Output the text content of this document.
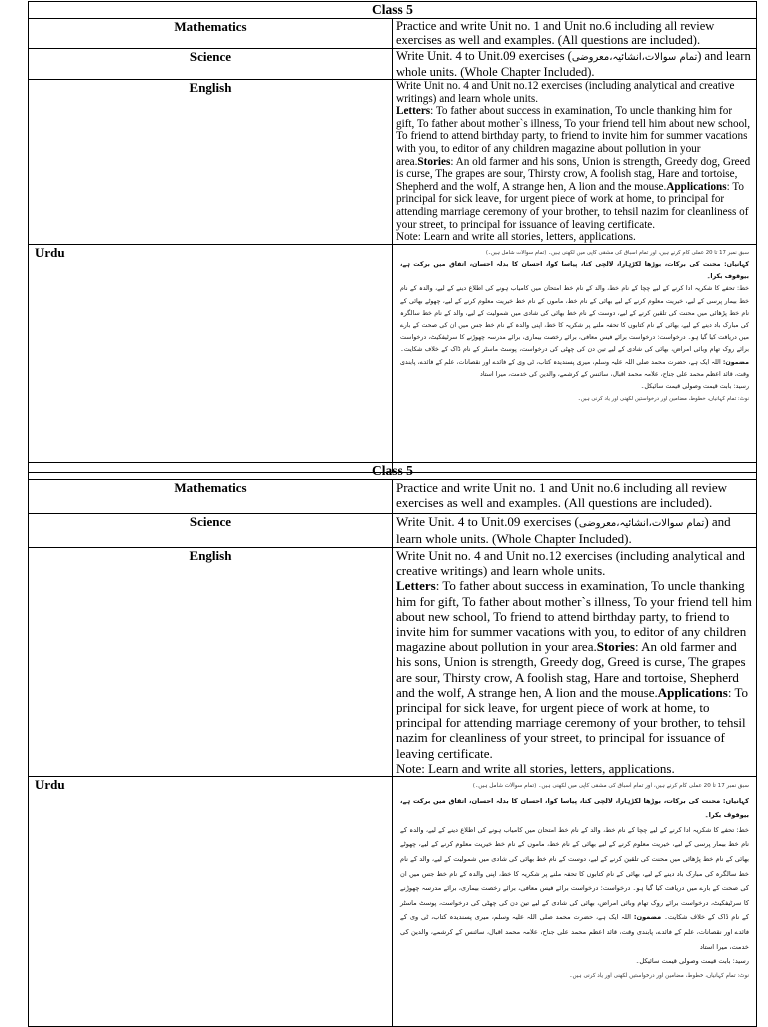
Class 5	
Mathematics	Practice and write Unit no. 1 and Unit no.6 including all review exercises as well and examples. (All questions are included).
Science	Write Unit. 4 to Unit.09 exercises (تمام سوالات،انشائیہ،معروضی) and learn whole units. (Whole Chapter Included).
English	Write Unit no. 4 and Unit no.12 exercises (including analytical and creative writings) and learn whole units.
Letters: To father about success in examination, To uncle thanking him for gift, To father about mother`s illness, To your friend tell him about new school, To friend to attend birthday party, to friend to invite him for summer vacations with you, to editor of any children magazine about pollution in your area.Stories: An old farmer and his sons, Union is strength, Greedy dog, Greed is curse, The grapes are sour, Thirsty crow, A foolish stag, Hare and tortoise, Shepherd and the wolf, A strange hen, A lion and the mouse.Applications: To principal for sick leave, for urgent piece of work at home, to principal for attending marriage ceremony of your brother, to tehsil nazim for cleanliness of your street, to principal for issuance of leaving certificate.
Note: Learn and write all stories, letters, applications.
Urdu	سبق نمبر 17 تا 20 عملی کام کرنے ہیں، اور تمام اسباق کی مشقی کاپی میں لکھنی ہیں۔ (تمام سوالات شامل ہیں۔)

کہانیاں: محنت کی برکات، بوڑھا لکڑہارا، لالچی کتا، پیاسا کوا، احسان کا بدلہ احسان، اتفاق میں برکت ہے، بیوقوف بکرا۔

خط: تحفے کا شکریہ ادا کرنے کے لیے چچا کے نام خط، والد کے نام خط امتحان میں کامیاب ہونے کی اطلاع دینے کے لیے، والدہ کے نام خط بیمار پرسی کے لیے، خیریت معلوم کرنے کے لیے بھائی کے نام خط، ماموں کے نام خط خیریت معلوم کرنے کے لیے، چھوٹے بھائی کے نام خط پڑھائی میں محنت کی تلقین کرنے کے لیے، دوست کے نام خط بھائی کی شادی میں شمولیت کے لیے، والد کے نام خط سالگرہ کی مبارک باد دینے کے لیے، بھائی کے نام کتابوں کا تحفہ ملنے پر شکریہ کا خط، اپنی والدہ کے نام خط جس میں ان کی صحت کے بارے میں دریافت کیا گیا ہو۔ درخواست: درخواست برائے فیس معافی، برائے رخصت بیماری، برائے مدرسہ چھوڑنے کا سرٹیفکیٹ، درخواست برائے روک تھام وبائی امراض، بھائی کی شادی کے لیے تین دن کی چھٹی کی درخواست، پوسٹ ماسٹر کے نام ڈاک کے خلاف شکایت۔ مضمون: اللہ ایک ہے، حضرت محمد صلی اللہ علیہ وسلم، میری پسندیدہ کتاب، ٹی وی کے فائدے اور نقصانات، علم کے فائدے، پابندی وقت، قائد اعظم محمد علی جناح، علامہ محمد اقبال، سائنس کے کرشمے، والدین کی خدمت، میرا استاد

رسید: بابت قیمت وصولی قیمت سائیکل۔

نوٹ: تمام کہانیاں، خطوط، مضامین اور درخواستیں لکھنی اور یاد کرنی ہیں۔

Class 5	
Mathematics	Practice and write Unit no. 1 and Unit no.6 including all review exercises as well and examples. (All questions are included).
Science	Write Unit. 4 to Unit.09 exercises (تمام سوالات،انشائیہ،معروضی) and learn whole units. (Whole Chapter Included).
English	Write Unit no. 4 and Unit no.12 exercises (including analytical and creative writings) and learn whole units.
Letters: To father about success in examination, To uncle thanking him for gift, To father about mother`s illness, To your friend tell him about new school, To friend to attend birthday party, to friend to invite him for summer vacations with you, to editor of any children magazine about pollution in your area.Stories: An old farmer and his sons, Union is strength, Greedy dog, Greed is curse, The grapes are sour, Thirsty crow, A foolish stag, Hare and tortoise, Shepherd and the wolf, A strange hen, A lion and the mouse.Applications: To principal for sick leave, for urgent piece of work at home, to principal for attending marriage ceremony of your brother, to tehsil nazim for cleanliness of your street, to principal for issuance of leaving certificate.
Note: Learn and write all stories, letters, applications.
Urdu	سبق نمبر 17 تا 20 عملی کام کرنے ہیں، اور تمام اسباق کی مشقی کاپی میں لکھنی ہیں۔ (تمام سوالات شامل ہیں۔)

کہانیاں: محنت کی برکات، بوڑھا لکڑہارا، لالچی کتا، پیاسا کوا، احسان کا بدلہ احسان، اتفاق میں برکت ہے، بیوقوف بکرا۔

خط: تحفے کا شکریہ ادا کرنے کے لیے چچا کے نام خط، والد کے نام خط امتحان میں کامیاب ہونے کی اطلاع دینے کے لیے، والدہ کے نام خط بیمار پرسی کے لیے، خیریت معلوم کرنے کے لیے بھائی کے نام خط، ماموں کے نام خط خیریت معلوم کرنے کے لیے، چھوٹے بھائی کے نام خط پڑھائی میں محنت کی تلقین کرنے کے لیے، دوست کے نام خط بھائی کی شادی میں شمولیت کے لیے، والد کے نام خط سالگرہ کی مبارک باد دینے کے لیے، بھائی کے نام کتابوں کا تحفہ ملنے پر شکریہ کا خط، اپنی والدہ کے نام خط جس میں ان کی صحت کے بارے میں دریافت کیا گیا ہو۔ درخواست: درخواست برائے فیس معافی، برائے رخصت بیماری، برائے مدرسہ چھوڑنے کا سرٹیفکیٹ، درخواست برائے روک تھام وبائی امراض، بھائی کی شادی کے لیے تین دن کی چھٹی کی درخواست، پوسٹ ماسٹر کے نام ڈاک کے خلاف شکایت۔ مضمون: اللہ ایک ہے، حضرت محمد صلی اللہ علیہ وسلم، میری پسندیدہ کتاب، ٹی وی کے فائدے اور نقصانات، علم کے فائدے، پابندی وقت، قائد اعظم محمد علی جناح، علامہ محمد اقبال، سائنس کے کرشمے، والدین کی خدمت، میرا استاد

رسید: بابت قیمت وصولی قیمت سائیکل۔

نوٹ: تمام کہانیاں، خطوط، مضامین اور درخواستیں لکھنی اور یاد کرنی ہیں۔
